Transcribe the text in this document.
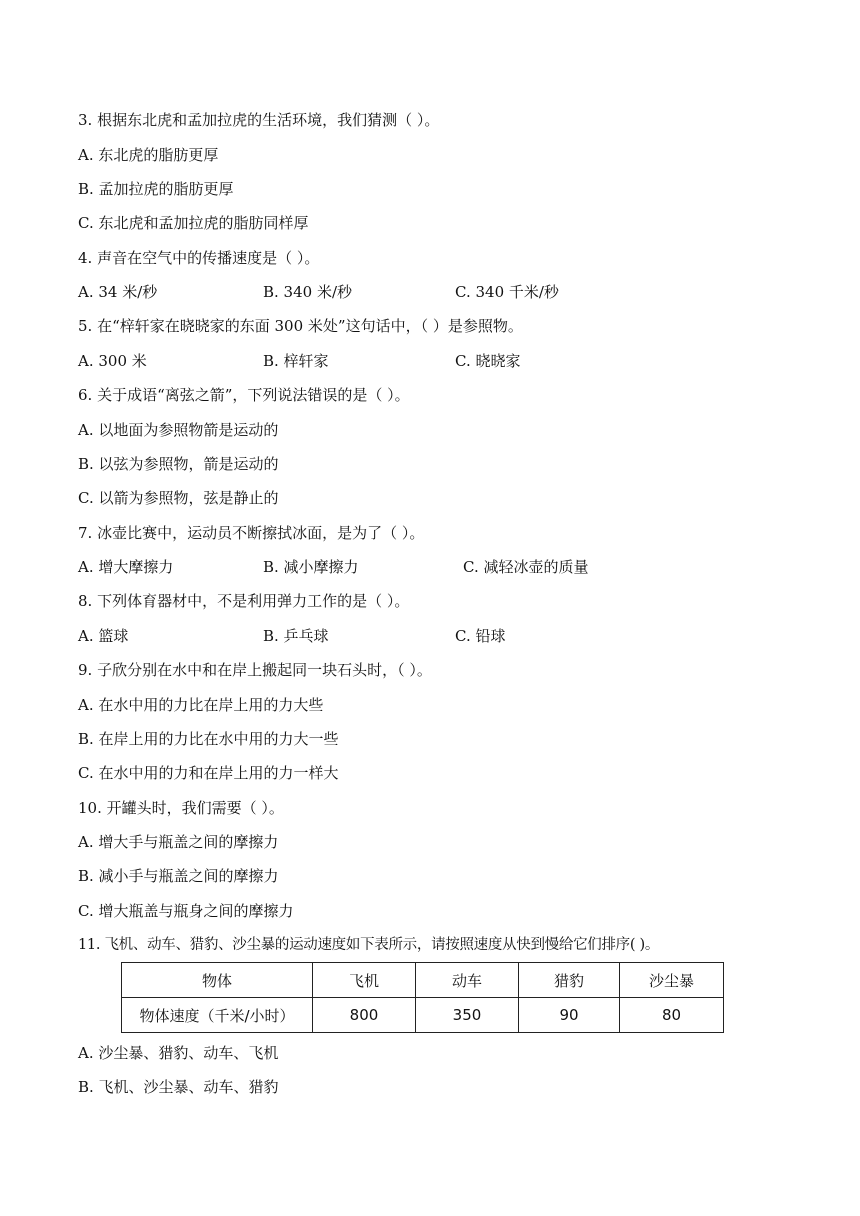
3. 根据东北虎和孟加拉虎的生活环境，我们猜测（ ）。
A. 东北虎的脂肪更厚
B. 孟加拉虎的脂肪更厚
C. 东北虎和孟加拉虎的脂肪同样厚
4. 声音在空气中的传播速度是（ ）。
A. 34 米/秒	B. 340 米/秒	C. 340 千米/秒
5. 在“梓轩家在晓晓家的东面 300 米处”这句话中，（ ）是参照物。
A. 300 米	B. 梓轩家	C. 晓晓家
6. 关于成语“离弦之箭”，下列说法错误的是（ ）。
A. 以地面为参照物箭是运动的
B. 以弦为参照物，箭是运动的
C. 以箭为参照物，弦是静止的
7. 冰壶比赛中，运动员不断擦拭冰面，是为了（ ）。
A. 增大摩擦力	B. 减小摩擦力	C. 减轻冰壶的质量
8. 下列体育器材中，不是利用弹力工作的是（ ）。
A. 篮球	B. 乒乓球	C. 铅球
9. 子欣分别在水中和在岸上搬起同一块石头时，（ ）。
A. 在水中用的力比在岸上用的力大些
B. 在岸上用的力比在水中用的力大一些
C. 在水中用的力和在岸上用的力一样大
10. 开罐头时，我们需要（ ）。
A. 增大手与瓶盖之间的摩擦力
B. 减小手与瓶盖之间的摩擦力
C. 增大瓶盖与瓶身之间的摩擦力
11. 飞机、动车、猎豹、沙尘暴的运动速度如下表所示，请按照速度从快到慢给它们排序( )。
物体	飞机	动车	猎豹	沙尘暴
物体速度（千米/小时）	800	350	90	80
A. 沙尘暴、猎豹、动车、飞机
B. 飞机、沙尘暴、动车、猎豹
